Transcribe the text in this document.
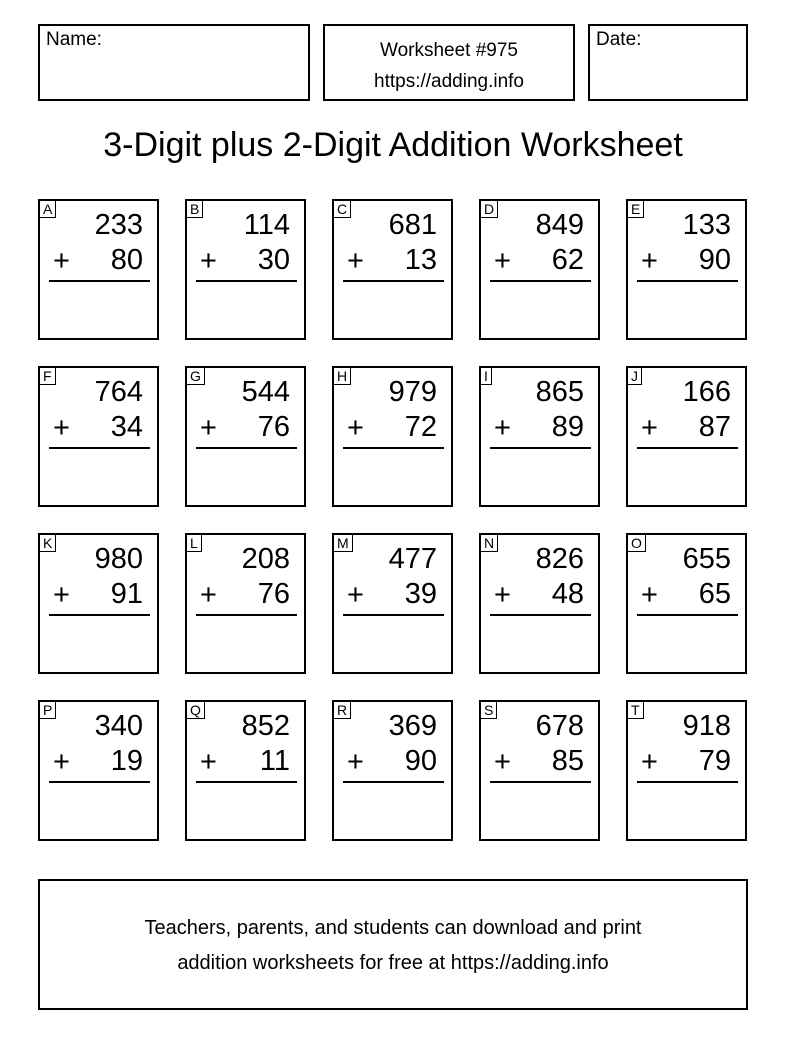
Name:
Worksheet #975
https://adding.info
Date:
3-Digit plus 2-Digit Addition Worksheet
A 233
+ 80
B 114
+ 30
C 681
+ 13
D 849
+ 62
E 133
+ 90
F 764
+ 34
G 544
+ 76
H 979
+ 72
I 865
+ 89
J 166
+ 87
K 980
+ 91
L 208
+ 76
M 477
+ 39
N 826
+ 48
O 655
+ 65
P 340
+ 19
Q 852
+ 11
R 369
+ 90
S 678
+ 85
T 918
+ 79
Teachers, parents, and students can download and print
addition worksheets for free at https://adding.info
